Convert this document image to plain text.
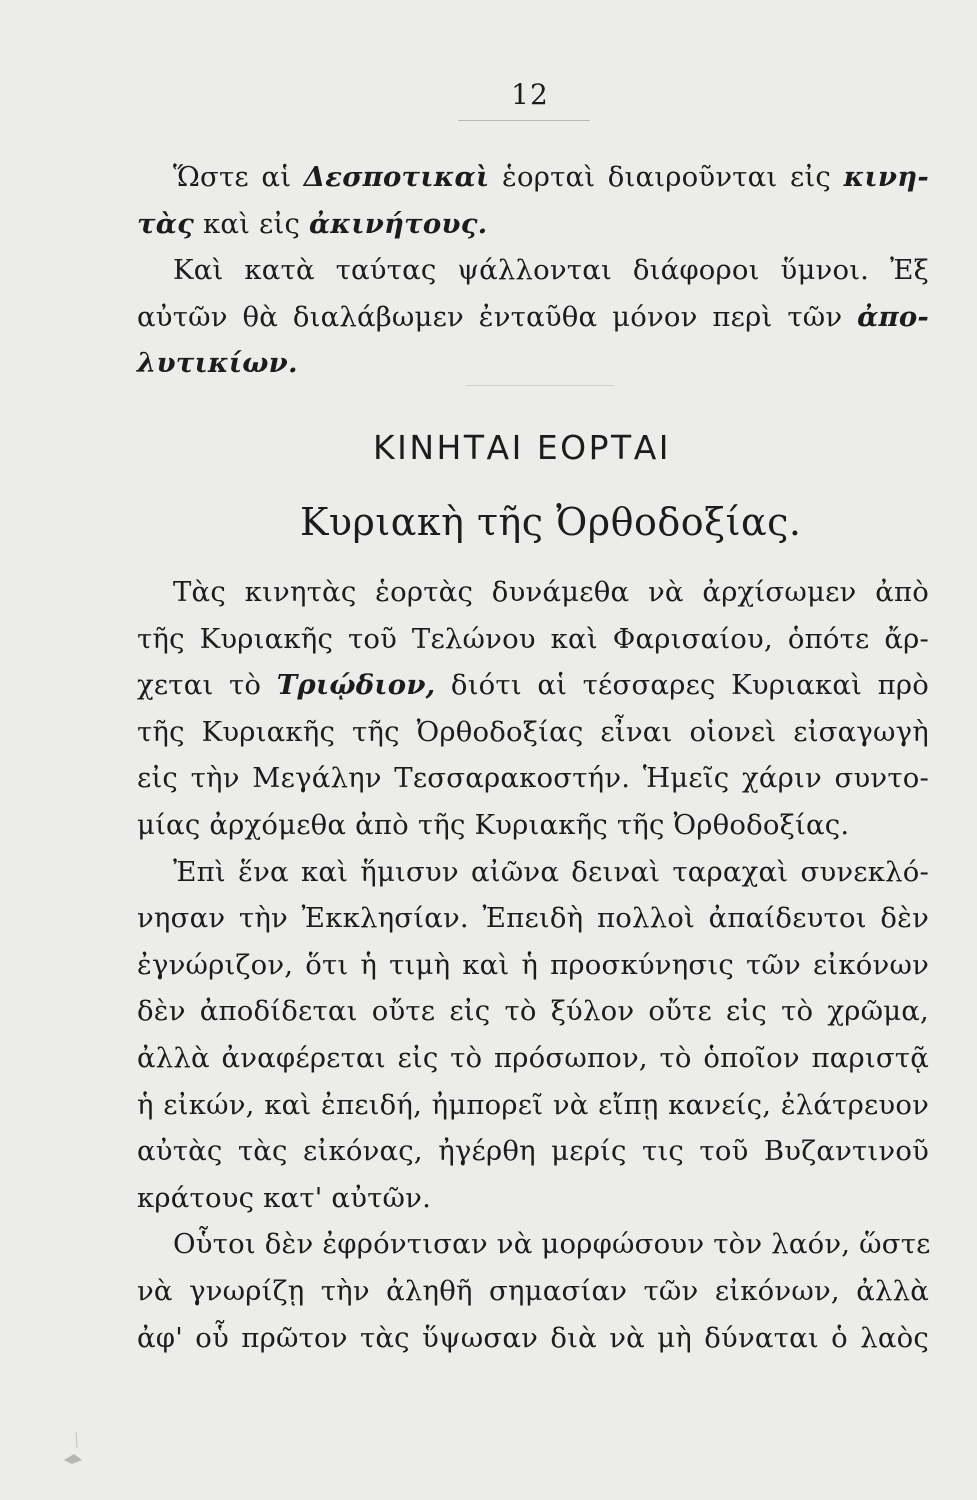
12
Ὥστε αἱ Δεσποτικαὶ ἑορταὶ διαιροῦνται εἰς κινη-
τὰς καὶ εἰς ἀκινήτους.
Καὶ κατὰ ταύτας ψάλλονται διάφοροι ὕμνοι. Ἐξ
αὐτῶν θὰ διαλάβωμεν ἐνταῦθα μόνον περὶ τῶν ἀπο-
λυτικίων.
ΚΙΝΗΤΑΙ ΕΟΡΤΑΙ
Κυριακὴ τῆς Ὀρθοδοξίας.
Τὰς κινητὰς ἑορτὰς δυνάμεθα νὰ ἀρχίσωμεν ἀπὸ
τῆς Κυριακῆς τοῦ Τελώνου καὶ Φαρισαίου, ὁπότε ἄρ-
χεται τὸ Τριῴδιον, διότι αἱ τέσσαρες Κυριακαὶ πρὸ
τῆς Κυριακῆς τῆς Ὀρθοδοξίας εἶναι οἱονεὶ εἰσαγωγὴ
εἰς τὴν Μεγάλην Τεσσαρακοστήν. Ἡμεῖς χάριν συντο-
μίας ἀρχόμεθα ἀπὸ τῆς Κυριακῆς τῆς Ὀρθοδοξίας.
Ἐπὶ ἕνα καὶ ἥμισυν αἰῶνα δειναὶ ταραχαὶ συνεκλό-
νησαν τὴν Ἐκκλησίαν. Ἐπειδὴ πολλοὶ ἀπαίδευτοι δὲν
ἐγνώριζον, ὅτι ἡ τιμὴ καὶ ἡ προσκύνησις τῶν εἰκόνων
δὲν ἀποδίδεται οὔτε εἰς τὸ ξύλον οὔτε εἰς τὸ χρῶμα,
ἀλλὰ ἀναφέρεται εἰς τὸ πρόσωπον, τὸ ὁποῖον παριστᾷ
ἡ εἰκών, καὶ ἐπειδή, ἠμπορεῖ νὰ εἴπῃ κανείς, ἐλάτρευον
αὐτὰς τὰς εἰκόνας, ἠγέρθη μερίς τις τοῦ Βυζαντινοῦ
κράτους κατ' αὐτῶν.
Οὗτοι δὲν ἐφρόντισαν νὰ μορφώσουν τὸν λαόν, ὥστε
νὰ γνωρίζῃ τὴν ἀληθῆ σημασίαν τῶν εἰκόνων, ἀλλὰ
ἀφ' οὗ πρῶτον τὰς ὕψωσαν διὰ νὰ μὴ δύναται ὁ λαὸς
